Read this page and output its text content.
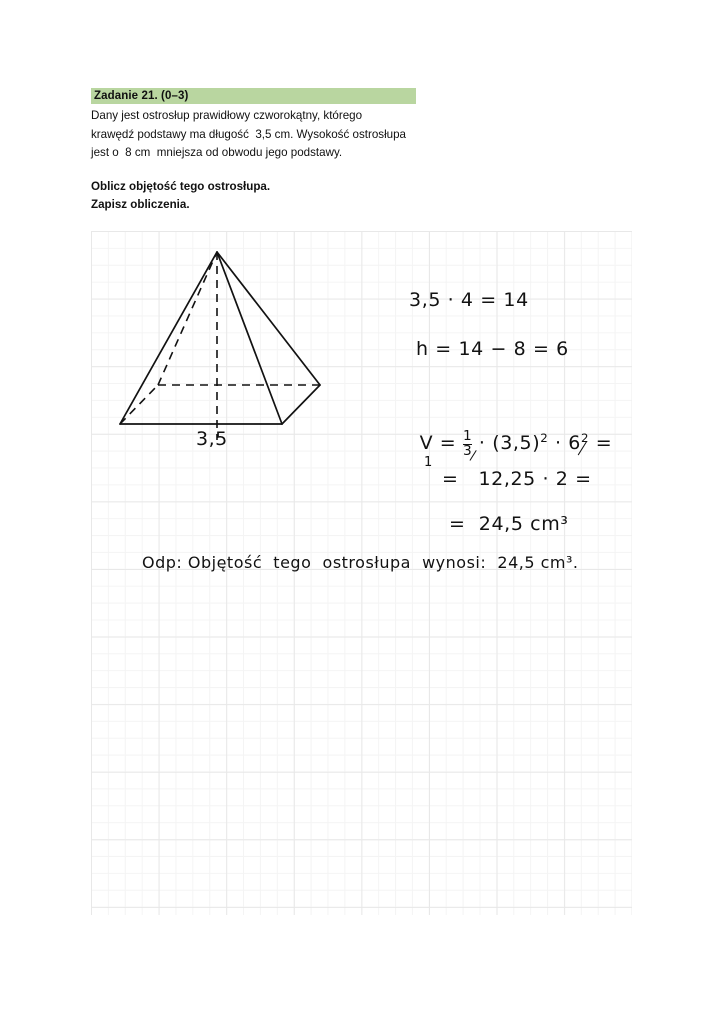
Zadanie 21. (0–3)
Dany jest ostrosłup prawidłowy czworokątny, którego
krawędź podstawy ma długość  3,5 cm. Wysokość ostrosłupa
jest o  8 cm  mniejsza od obwodu jego podstawy.
Oblicz objętość tego ostrosłupa.
Zapisz obliczenia.
3,5
3,5 · 4 = 14
h = 14 − 8 = 6

$V = \frac{1}{3} \cdot (3,5)^2 \cdot 6^2$ =

1
=   12,25 · 2 =
=  24,5 cm³
Odp: Objętość  tego  ostrosłupa  wynosi:  24,5 cm³.
